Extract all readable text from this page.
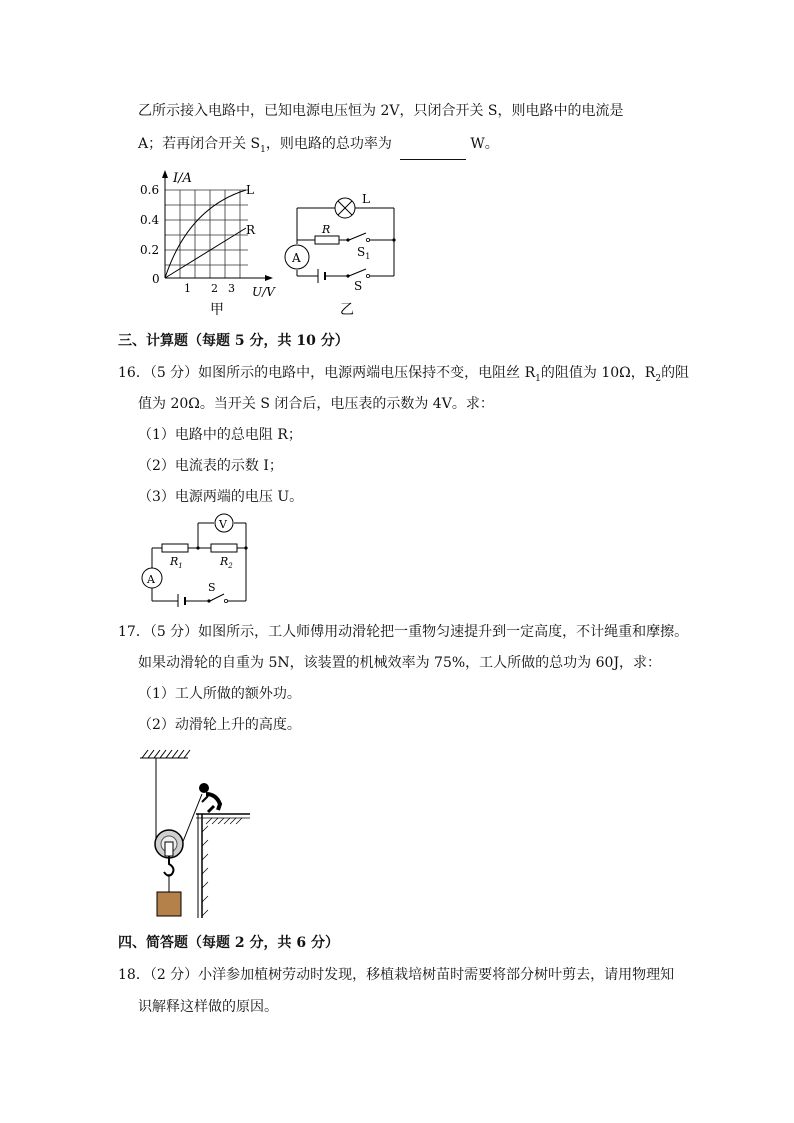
乙所示接入电路中，已知电源电压恒为 2V，只闭合开关 S，则电路中的电流是
A；若再闭合开关 $S_1$，则电路的总功率为	W。
I/A
0.6
0.4
0.2
0
1 2 3 U/V
L
R
甲
L
R
$S_1$
A
S
乙
三、计算题（每题 5 分，共 10 分）
16．（5 分）如图所示的电路中，电源两端电压保持不变，电阻丝 $R_1$的阻值为 10Ω，$R_2$的阻
值为 20Ω。当开关 S 闭合后，电压表的示数为 4V。求：
（1）电路中的总电阻 R；
（2）电流表的示数 I；
（3）电源两端的电压 U。
V
$R_1$	$R_2$
A
S
17．（5 分）如图所示，工人师傅用动滑轮把一重物匀速提升到一定高度，不计绳重和摩擦。
如果动滑轮的自重为 5N，该装置的机械效率为 75%，工人所做的总功为 60J，求：
（1）工人所做的额外功。
（2）动滑轮上升的高度。
四、简答题（每题 2 分，共 6 分）
18．（2 分）小洋参加植树劳动时发现，移植栽培树苗时需要将部分树叶剪去，请用物理知
识解释这样做的原因。
